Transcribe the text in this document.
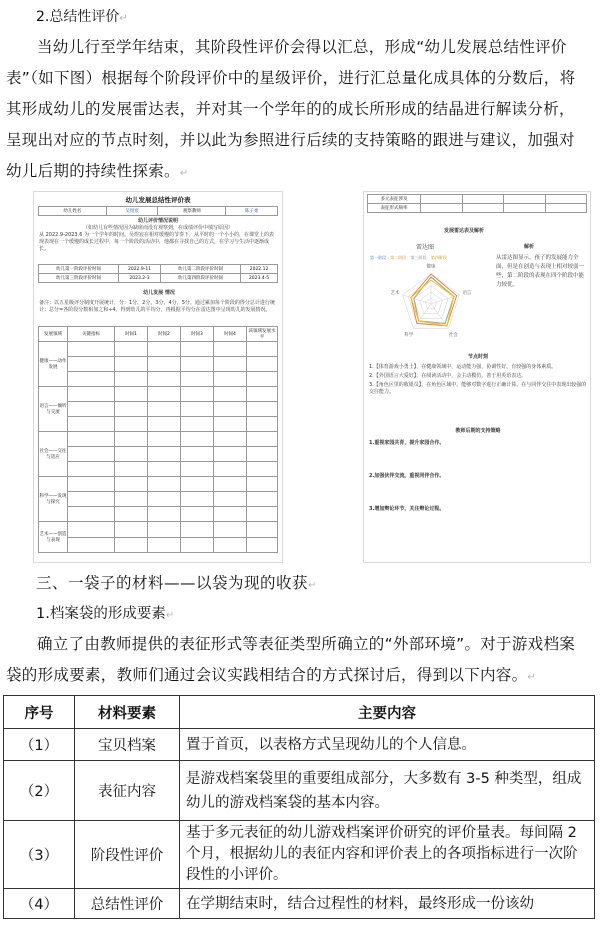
2.总结性评价↵

当幼儿行至学年结束，其阶段性评价会得以汇总，形成“幼儿发展总结性评价表”（如下图）根据每个阶段评价中的星级评价，进行汇总量化成具体的分数后，将其形成幼儿的发展雷达表，并对其一个学年的的成长所形成的结晶进行解读分析，呈现出对应的节点时刻，并以此为参照进行后续的支持策略的跟进与建议，加强对幼儿后期的持续性探索。↵

幼儿发展总结性评价表
幼儿姓名	吴煜宸	观察教师	陈子柔
幼儿评价情况说明
（如幼儿有些情况因为缺席而没有观察到，在成绩评价中填写原因）
从 2022.9-2023.6 为一个学年的时间。吴煜宸在相对缓慢的节奏下，从平时的一个小小的，在课堂上的表现表现在一个缓慢的成长过程中，每一个阶段的活动中，他都在寻找自己的方式，在学习与生活中逐渐成长。
幼儿第一阶段评价时间	2022.9-11	幼儿第二阶段评价时间	2022.12
幼儿第三阶段评价时间	2023.2-3	幼儿第四阶段评价时间	2023.4-5
幼儿发展 情况
备注：以五星级评分制度开展统计，分：1分，2分，3分，4分，5分。通过累加每个阶段的得分总计进行统计；总分=各阶段分数相加之和÷4，得到幼儿的平均分，再根据平均分在雷达图中呈现幼儿的发展情况。
发展领域	关键指标	时间1	时间2	时间3	时间4	该领域发展水平
健康——动作发展						

语言——倾听与交流						

社会——交往与适应						

科学——发现与探究						

艺术——创造与表现						

多元表征涉及				
表征形式频率				
发展雷达表及解析
雷达图
第一阶段 第二阶段 第三阶段 第四阶段
健康
语言
社会
科学
艺术
解析
从雷达图显示，孩子的发展能力全面，但是在创造与表现上相对较弱一些，第二阶段的表现在四个阶段中能力较优。
节点时刻
1.【体育游戏小勇士】，在健康领域中，运动能力强，协调性好，有较强的身体素质。
2.【外国语言大爱好】，在阅读活动中，会主动模仿，善于用英语表达。
3.【角色区里的收银员】，在角色区域中，能够对数字进行正确计算，在与同伴交往中表现出较强的交往能力。
教师后期的支持策略
1.重视家园共育，提升家园合作。
2.加强伙伴交流，重视同伴合作。
3.增加辩论环节，关注辩论过程。
三、一袋子的材料——以袋为现的收获↵
1.档案袋的形成要素↵

确立了由教师提供的表征形式等表征类型所确立的“外部环境”。对于游戏档案袋的形成要素，教师们通过会议实践相结合的方式探讨后，得到以下内容。↵

序号	材料要素	主要内容
（1）	宝贝档案	置于首页，以表格方式呈现幼儿的个人信息。
（2）	表征内容	是游戏档案袋里的重要组成部分，大多数有 3-5 种类型，组成幼儿的游戏档案袋的基本内容。
（3）	阶段性评价	基于多元表征的幼儿游戏档案评价研究的评价量表。每间隔 2 个月，根据幼儿的表征内容和评价表上的各项指标进行一次阶段性的小评价。
（4）	总结性评价	在学期结束时，结合过程性的材料，最终形成一份该幼
